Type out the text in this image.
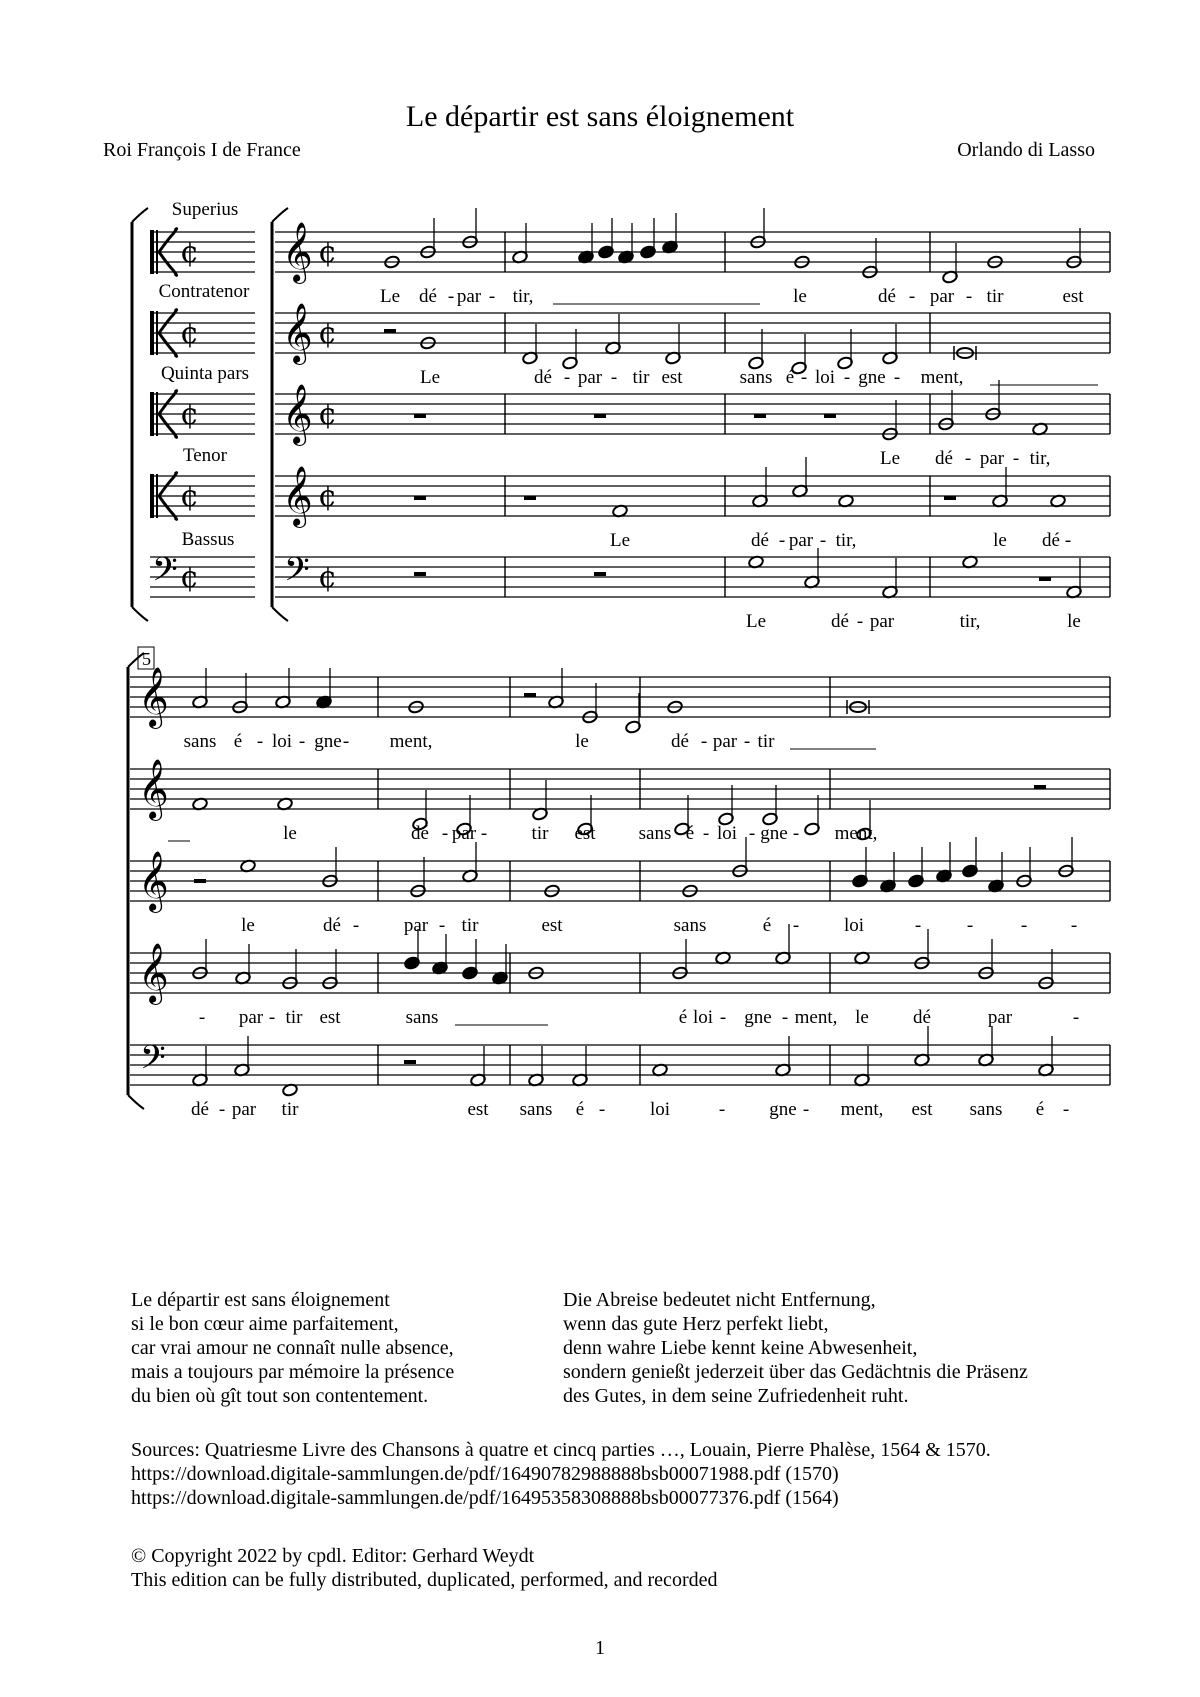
Le départir est sans éloignement
Roi François I de France	Orlando di Lasso
¢ 𝄞 ¢
¢ 𝄞 ¢
¢ 𝄞 ¢
¢ 𝄞 ¢
𝄢 ¢ 𝄢 ¢
𝄞
𝄞
𝄞
𝄞
𝄢
Superius
Contratenor
Quinta pars
Tenor
Bassus
Le dé - par - tir,	le	dé - par - tir	est
Le	dé - par - tir est	sans é - loi - gne - ment,
Le dé - par - tir,
Le	dé - par - tir,	le dé -
Le	dé - par	tir,	le
5
sans é - loi - gne - ment,	le	dé - par - tir
le	dé - par - tir est sans é - loi - gne - ment,
le	dé - par - tir	est	sans	é - loi	- -	- -
- par - tir est	sans	é loi - gne - ment, le dé	par	-
dé - par tir	est sans é - loi	- gne - ment, est sans é -
Le départir est sans éloignement
si le bon cœur aime parfaitement,
car vrai amour ne connaît nulle absence,
mais a toujours par mémoire la présence
du bien où gît tout son contentement.
Die Abreise bedeutet nicht Entfernung,
wenn das gute Herz perfekt liebt,
denn wahre Liebe kennt keine Abwesenheit,
sondern genießt jederzeit über das Gedächtnis die Präsenz
des Gutes, in dem seine Zufriedenheit ruht.
Sources: Quatriesme Livre des Chansons à quatre et cincq parties …, Louain, Pierre Phalèse, 1564 & 1570.
https://download.digitale-sammlungen.de/pdf/16490782988888bsb00071988.pdf (1570)
https://download.digitale-sammlungen.de/pdf/16495358308888bsb00077376.pdf (1564)
© Copyright 2022 by cpdl. Editor: Gerhard Weydt
This edition can be fully distributed, duplicated, performed, and recorded
1
